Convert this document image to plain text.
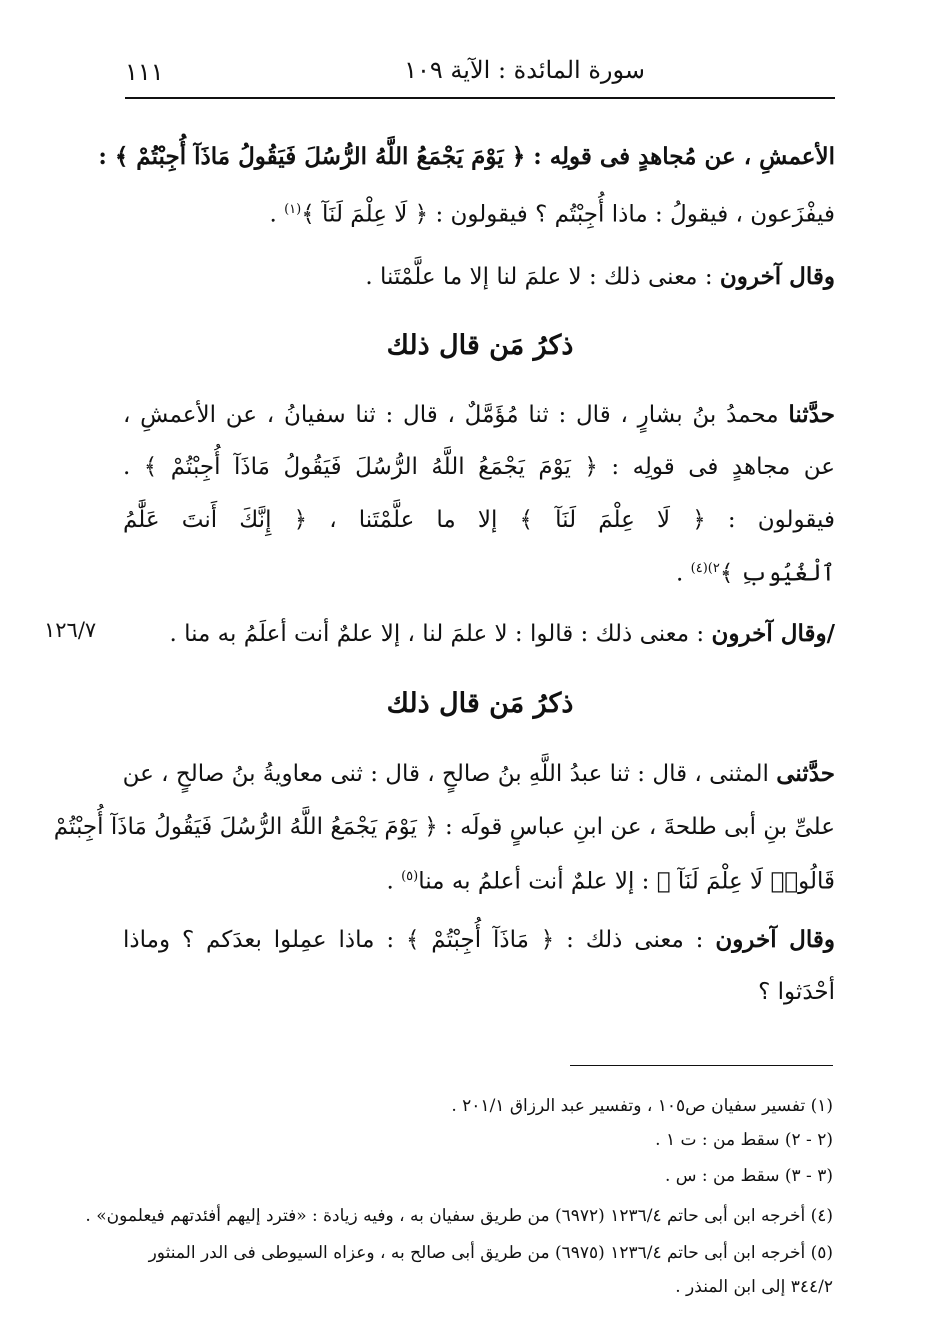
١١١	سورة المائدة : الآية ١٠٩
الأعمشِ ، عن مُجاهدٍ فى قولِه : ﴿ يَوْمَ يَجْمَعُ اللَّهُ الرُّسُلَ فَيَقُولُ مَاذَآ أُجِبْتُمْ ﴾ :
فيفْزَعون ، فيقولُ : ماذا أُجِبْتُم ؟ فيقولون : ﴿ لَا عِلْمَ لَنَآ ﴾$^{(١)}$ .
وقال آخرون : معنى ذلك : لا علمَ لنا إلا ما علَّمْتَنا .
ذكرُ مَن قال ذلك
حدَّثنا محمدُ بنُ بشارٍ ، قال : ثنا مُؤَمَّلٌ ، قال : ثنا سفيانُ ، عن الأعمشِ ،
عن مجاهدٍ فى قولِه : ﴿ يَوْمَ يَجْمَعُ اللَّهُ الرُّسُلَ فَيَقُولُ مَاذَآ أُجِبْتُمْ ﴾ .
فيقولون : ﴿ لَا عِلْمَ لَنَآ ﴾ إلا ما علَّمْتَنا ، ﴿ إِنَّكَ أَنتَ عَلَّٰمُ
ٱلْغُيُوبِ ﴾$^{٢)(٤)}$ .
١٢٦/٧	/وقال آخرون : معنى ذلك : قالوا : لا علمَ لنا ، إلا علمٌ أنت أعلَمُ به منا .
ذكرُ مَن قال ذلك
حدَّثنى المثنى ، قال : ثنا عبدُ اللَّهِ بنُ صالحٍ ، قال : ثنى معاويةُ بنُ صالحٍ ، عن
علىِّ بنِ أبى طلحةَ ، عن ابنِ عباسٍ قولَه : ﴿ يَوْمَ يَجْمَعُ اللَّهُ الرُّسُلَ فَيَقُولُ مَاذَآ أُجِبْتُمْ
قَالُوا۟ لَا عِلْمَ لَنَآ ﴾ : إلا علمٌ أنت أعلمُ به منا$^{(٥)}$ .
وقال آخرون : معنى ذلك : ﴿ مَاذَآ أُجِبْتُمْ ﴾ : ماذا عمِلوا بعدَكم ؟ وماذا
أحْدَثوا ؟
(١) تفسير سفيان ص١٠٥ ، وتفسير عبد الرزاق ٢٠١/١ .
(٢ - ٢) سقط من : ت ١ .
(٣ - ٣) سقط من : س .
(٤) أخرجه ابن أبى حاتم ١٢٣٦/٤ (٦٩٧٢) من طريق سفيان به ، وفيه زيادة : «فترد إليهم أفئدتهم فيعلمون» .
(٥) أخرجه ابن أبى حاتم ١٢٣٦/٤ (٦٩٧٥) من طريق أبى صالح به ، وعزاه السيوطى فى الدر المنثور
٣٤٤/٢ إلى ابن المنذر .
